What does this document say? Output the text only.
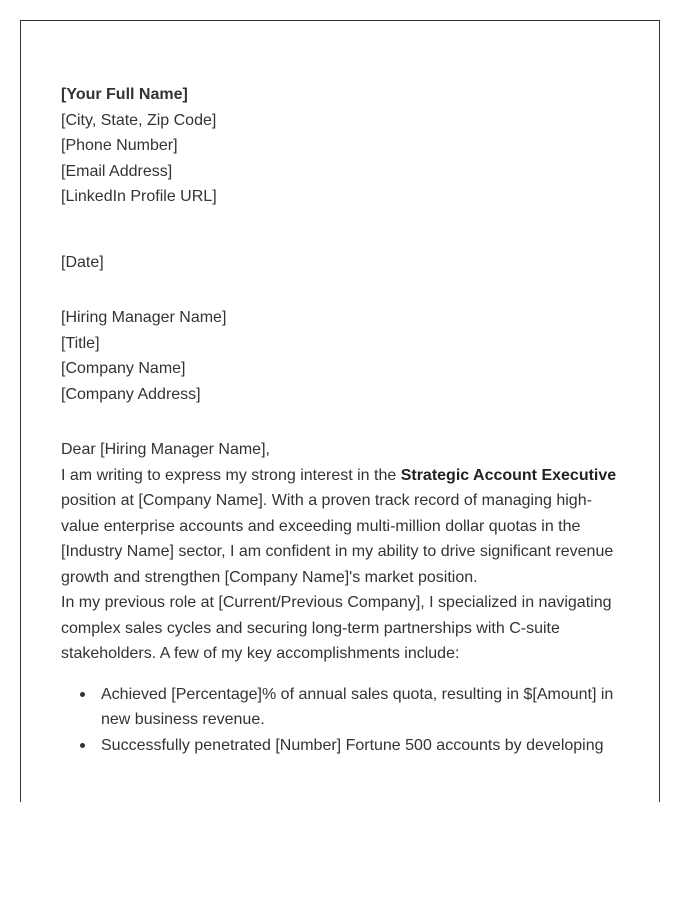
[Your Full Name]
[City, State, Zip Code]
[Phone Number]
[Email Address]
[LinkedIn Profile URL]
[Date]
[Hiring Manager Name]
[Title]
[Company Name]
[Company Address]
Dear [Hiring Manager Name],

I am writing to express my strong interest in the Strategic Account Executive position at [Company Name]. With a proven track record of managing high-value enterprise accounts and exceeding multi-million dollar quotas in the [Industry Name] sector, I am confident in my ability to drive significant revenue growth and strengthen [Company Name]'s market position.

In my previous role at [Current/Previous Company], I specialized in navigating complex sales cycles and securing long-term partnerships with C-suite stakeholders. A few of my key accomplishments include:

Achieved [Percentage]% of annual sales quota, resulting in $[Amount] in new business revenue.
Successfully penetrated [Number] Fortune 500 accounts by developing
